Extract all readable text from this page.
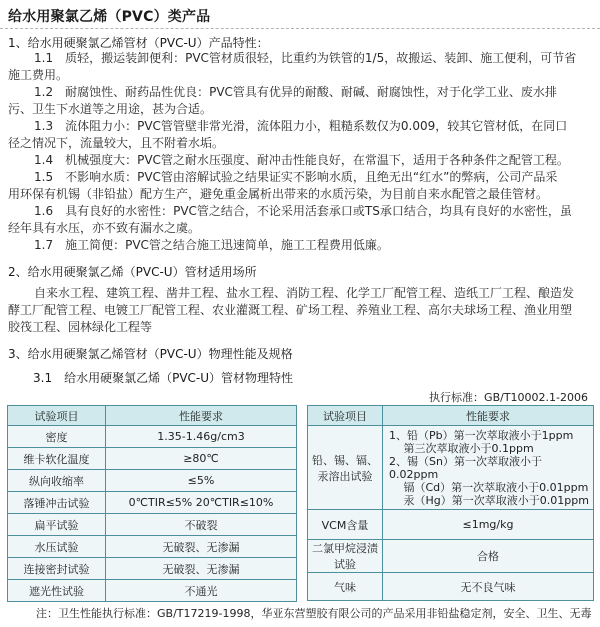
给水用聚氯乙烯（PVC）类产品
1、给水用硬聚氯乙烯管材（PVC-U）产品特性：
1.1　质轻，搬运装卸便利：PVC管材质很轻，比重约为铁管的1/5，故搬运、装卸、施工便利，可节省
施工费用。
1.2　耐腐蚀性、耐药品性优良：PVC管具有优异的耐酸、耐碱、耐腐蚀性，对于化学工业、废水排
污、卫生下水道等之用途，甚为合适。
1.3　流体阻力小：PVC管管壁非常光滑，流体阻力小，粗糙系数仅为0.009，较其它管材低，在同口
径之情况下，流量较大，且不附着水垢。
1.4　机械强度大：PVC管之耐水压强度、耐冲击性能良好，在常温下，适用于各种条件之配管工程。
1.5　不影响水质：PVC管由溶解试验之结果证实不影响水质，且绝无出“红水”的弊病，公司产品采
用环保有机锡（非铅盐）配方生产，避免重金属析出带来的水质污染，为目前自来水配管之最佳管材。
1.6　具有良好的水密性：PVC管之结合，不论采用活套承口或TS承口结合，均具有良好的水密性，虽
经年具有水压，亦不致有漏水之虞。
1.7　施工简便：PVC管之结合施工迅速简单，施工工程费用低廉。
2、给水用硬聚氯乙烯（PVC-U）管材适用场所
自来水工程、建筑工程、凿井工程、盐水工程、消防工程、化学工厂配管工程、造纸工厂工程、酿造发
酵工厂配管工程、电镀工厂配管工程、农业灌溉工程、矿场工程、养殖业工程、高尔夫球场工程、渔业用塑
胶筏工程、园林绿化工程等
3、给水用硬聚氯乙烯管材（PVC-U）物理性能及规格
3.1　给水用硬聚氯乙烯（PVC-U）管材物理特性
执行标准：GB/T10002.1-2006
试验项目	性能要求
密度	1.35-1.46g/cm3
维卡软化温度	≥80℃
纵向收缩率	≤5%
落锤冲击试验	0℃TIR≤5% 20℃TIR≤10%
扁平试验	不破裂
水压试验	无破裂、无渗漏
连接密封试验	无破裂、无渗漏
遮光性试验	不通光
试验项目	性能要求
铅、锡、镉、汞溶出试验	1、铅（Pb）第一次萃取液小于1ppm
　 第三次萃取液小于0.1ppm
2、锡（Sn）第一次萃取液小于0.02ppm
　 镉（Cd）第一次萃取液小于0.01ppm
　 汞（Hg）第一次萃取液小于0.01ppm

VCM含量	≤1mg/kg
二氯甲烷浸渍试验	合格
气味	无不良气味
注：卫生性能执行标准：GB/T17219-1998，华亚东营塑胶有限公司的产品采用非铅盐稳定剂，安全、卫生、无毒
